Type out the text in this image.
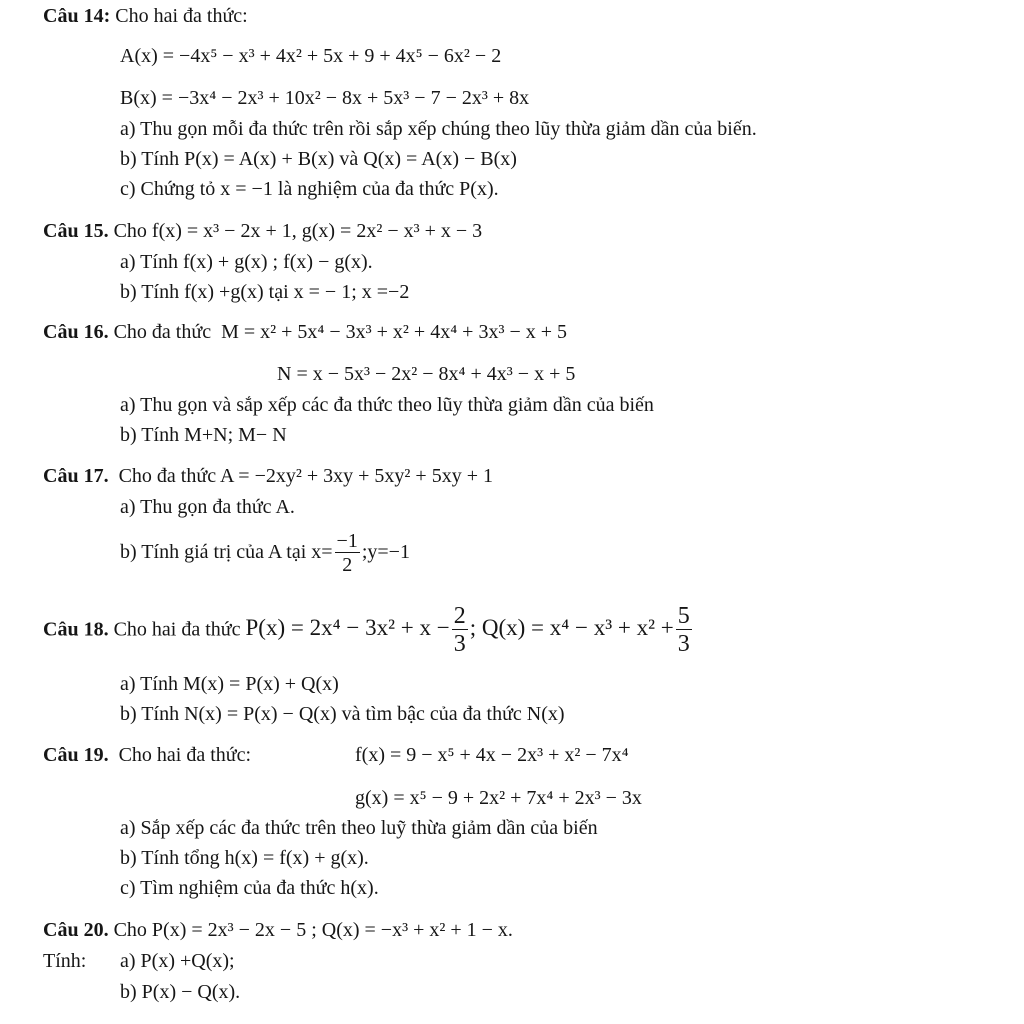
Câu 14: Cho hai đa thức:
A(x) = −4x⁵ − x³ + 4x² + 5x + 9 + 4x⁵ − 6x² − 2
B(x) = −3x⁴ − 2x³ + 10x² − 8x + 5x³ − 7 − 2x³ + 8x
a) Thu gọn mỗi đa thức trên rồi sắp xếp chúng theo lũy thừa giảm dần của biến.
b) Tính P(x) = A(x) + B(x) và Q(x) = A(x) − B(x)
c) Chứng tỏ x = −1 là nghiệm của đa thức P(x).
Câu 15. Cho f(x) = x³ − 2x + 1, g(x) = 2x² − x³ + x − 3
a) Tính f(x) + g(x) ; f(x) − g(x).
b) Tính f(x) +g(x) tại x = − 1; x =−2
Câu 16. Cho đa thức  M = x² + 5x⁴ − 3x³ + x² + 4x⁴ + 3x³ − x + 5
N = x − 5x³ − 2x² − 8x⁴ + 4x³ − x + 5
a) Thu gọn và sắp xếp các đa thức theo lũy thừa giảm dần của biến
b) Tính M+N; M− N
Câu 17.  Cho đa thức A = −2xy² + 3xy + 5xy² + 5xy + 1
a) Thu gọn đa thức A.
b) Tính giá trị của A tại $x= \frac{-1}{2}$ ;y=−1
Câu 18. Cho hai đa thức $P(x) = 2x^4 - 3x^2 + x - \frac{2}{3}$ ; $Q(x) = x^4 - x^3 + x^2 + \frac{5}{3}$
a) Tính M(x) = P(x) + Q(x)
b) Tính N(x) = P(x) − Q(x) và tìm bậc của đa thức N(x)
Câu 19.  Cho hai đa thức:	f(x) = 9 − x⁵ + 4x − 2x³ + x² − 7x⁴
g(x) = x⁵ − 9 + 2x² + 7x⁴ + 2x³ − 3x
a) Sắp xếp các đa thức trên theo luỹ thừa giảm dần của biến
b) Tính tổng h(x) = f(x) + g(x).
c) Tìm nghiệm của đa thức h(x).
Câu 20. Cho P(x) = 2x³ − 2x − 5 ; Q(x) = −x³ + x² + 1 − x.
Tính: a) P(x) +Q(x);
b) P(x) − Q(x).
